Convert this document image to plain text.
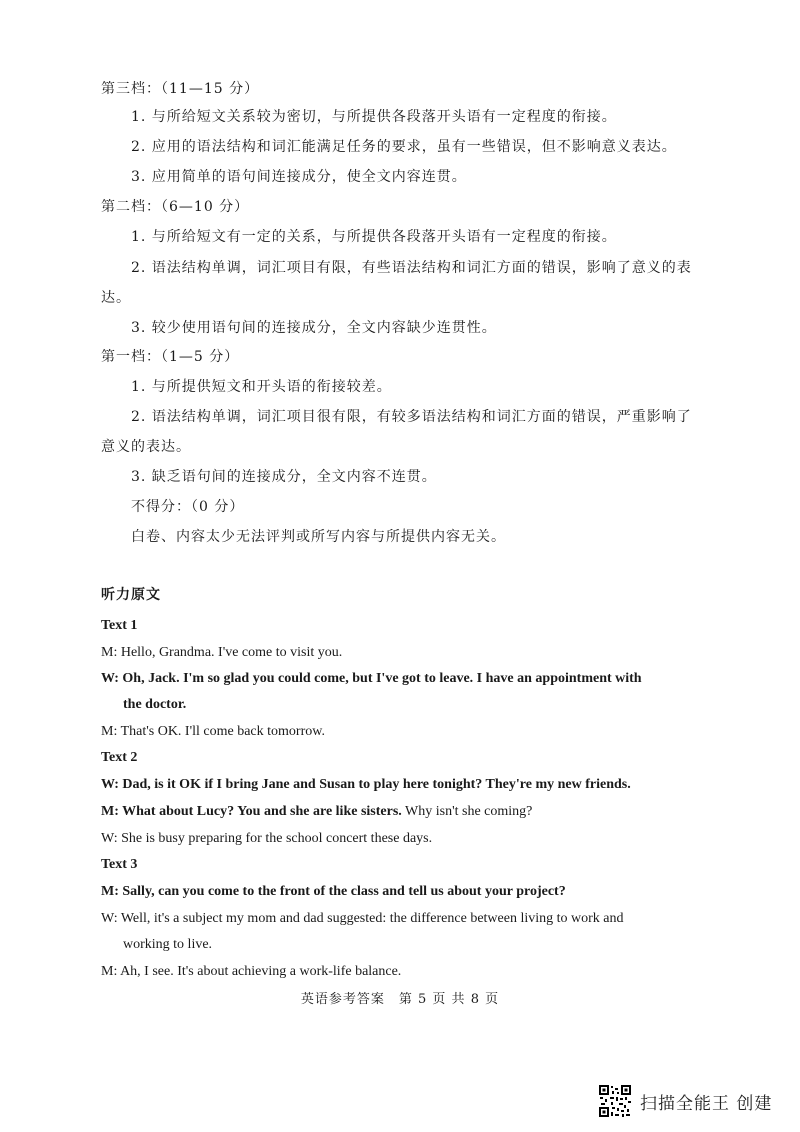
第三档：（11—15 分）
1. 与所给短文关系较为密切，与所提供各段落开头语有一定程度的衔接。
2. 应用的语法结构和词汇能满足任务的要求，虽有一些错误，但不影响意义表达。
3. 应用简单的语句间连接成分，使全文内容连贯。
第二档：（6—10 分）
1. 与所给短文有一定的关系，与所提供各段落开头语有一定程度的衔接。
2. 语法结构单调，词汇项目有限，有些语法结构和词汇方面的错误，影响了意义的表
达。
3. 较少使用语句间的连接成分，全文内容缺少连贯性。
第一档：（1—5 分）
1. 与所提供短文和开头语的衔接较差。
2. 语法结构单调，词汇项目很有限，有较多语法结构和词汇方面的错误，严重影响了
意义的表达。
3. 缺乏语句间的连接成分，全文内容不连贯。
不得分：（0 分）
白卷、内容太少无法评判或所写内容与所提供内容无关。
听力原文
Text 1
M: Hello, Grandma. I've come to visit you.
W: Oh, Jack. I'm so glad you could come, but I've got to leave. I have an appointment with
the doctor.
M: That's OK. I'll come back tomorrow.
Text 2
W: Dad, is it OK if I bring Jane and Susan to play here tonight? They're my new friends.
M: What about Lucy? You and she are like sisters. Why isn't she coming?
W: She is busy preparing for the school concert these days.
Text 3
M: Sally, can you come to the front of the class and tell us about your project?
W: Well, it's a subject my mom and dad suggested: the difference between living to work and
working to live.
M: Ah, I see. It's about achieving a work-life balance.
英语参考答案　第 5 页 共 8 页
扫描全能王 创建
